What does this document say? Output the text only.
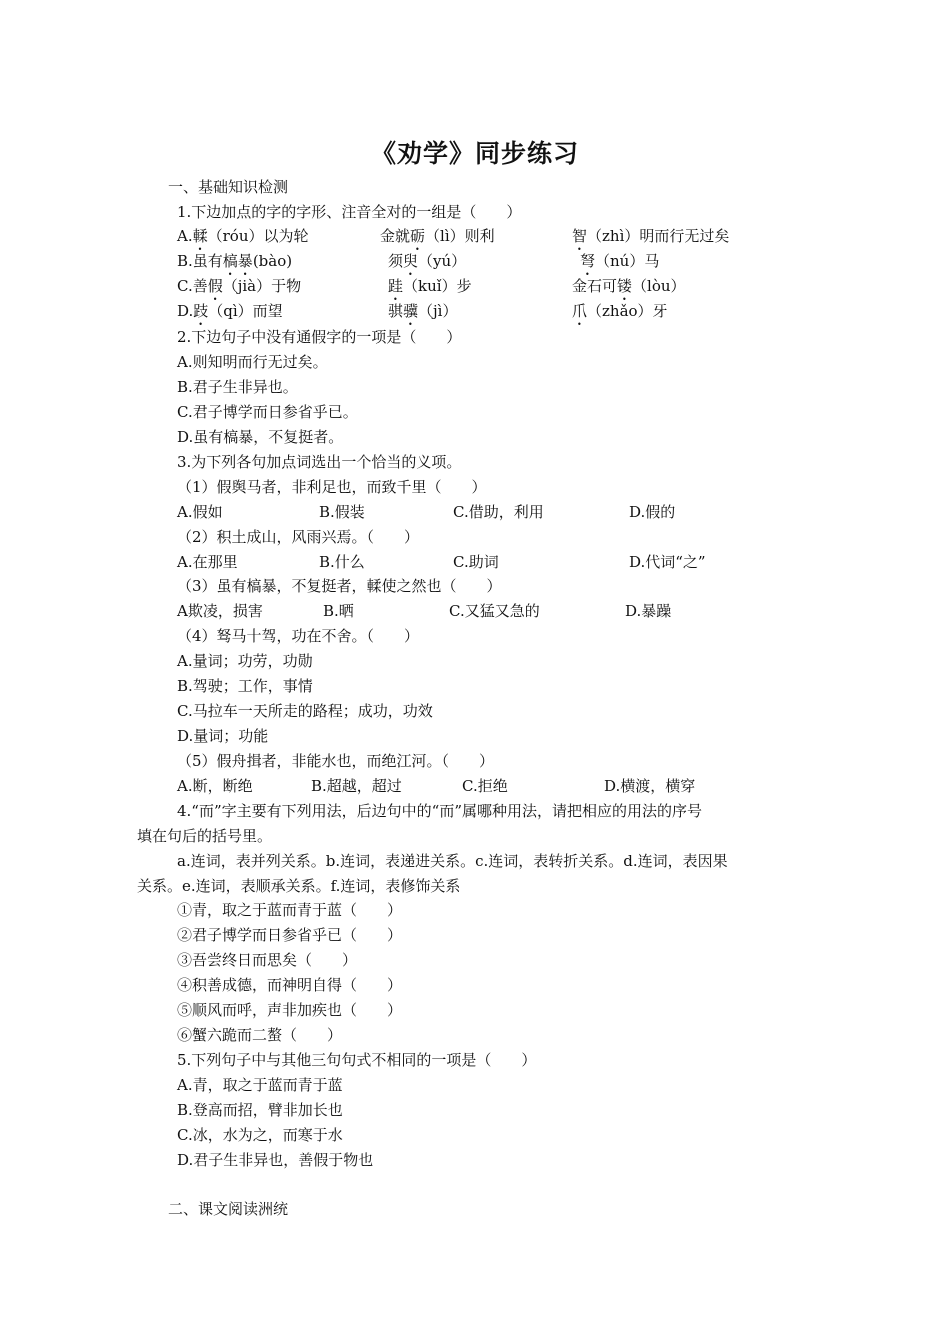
《劝学》同步练习
一、基础知识检测
1.下边加点的字的字形、注音全对的一组是（　　）
A.輮（róu）以为轮	金就砺（lì）则利	智（zhì）明而行无过矣
B.虽有槁暴(bào)	须臾（yú）	弩（nú）马
C.善假（jià）于物	跬（kuǐ）步	金石可镂（lòu）
D.跂（qì）而望	骐骥（jì）	爪（zhǎo）牙
2.下边句子中没有通假字的一项是（　　）
A.则知明而行无过矣。
B.君子生非异也。
C.君子博学而日参省乎已。
D.虽有槁暴，不复挺者。
3.为下列各句加点词选出一个恰当的义项。
（1）假舆马者，非利足也，而致千里（　　）
A.假如	B.假装	C.借助，利用	D.假的
（2）积土成山，风雨兴焉。（　　）
A.在那里	B.什么	C.助词	D.代词“之”
（3）虽有槁暴，不复挺者，輮使之然也（　　）
A欺凌，损害	B.晒	C.又猛又急的	D.暴躁
（4）驽马十驾，功在不舍。（　　）
A.量词；功劳，功勋
B.驾驶；工作，事情
C.马拉车一天所走的路程；成功，功效
D.量词；功能
（5）假舟揖者，非能水也，而绝江河。（　　）
A.断，断绝	B.超越，超过	C.拒绝	D.横渡，横穿
4.“而”字主要有下列用法，后边句中的“而”属哪种用法，请把相应的用法的序号
填在句后的括号里。
a.连词，表并列关系。b.连词，表递进关系。c.连词，表转折关系。d.连词，表因果
关系。e.连词，表顺承关系。f.连词，表修饰关系
①青，取之于蓝而青于蓝（　　）
②君子博学而日参省乎已（　　）
③吾尝终日而思矣（　　）
④积善成德，而神明自得（　　）
⑤顺风而呼，声非加疾也（　　）
⑥蟹六跪而二螯（　　）
5.下列句子中与其他三句句式不相同的一项是（　　）
A.青，取之于蓝而青于蓝
B.登高而招，臂非加长也
C.冰，水为之，而寒于水
D.君子生非异也，善假于物也
二、课文阅读洲统
